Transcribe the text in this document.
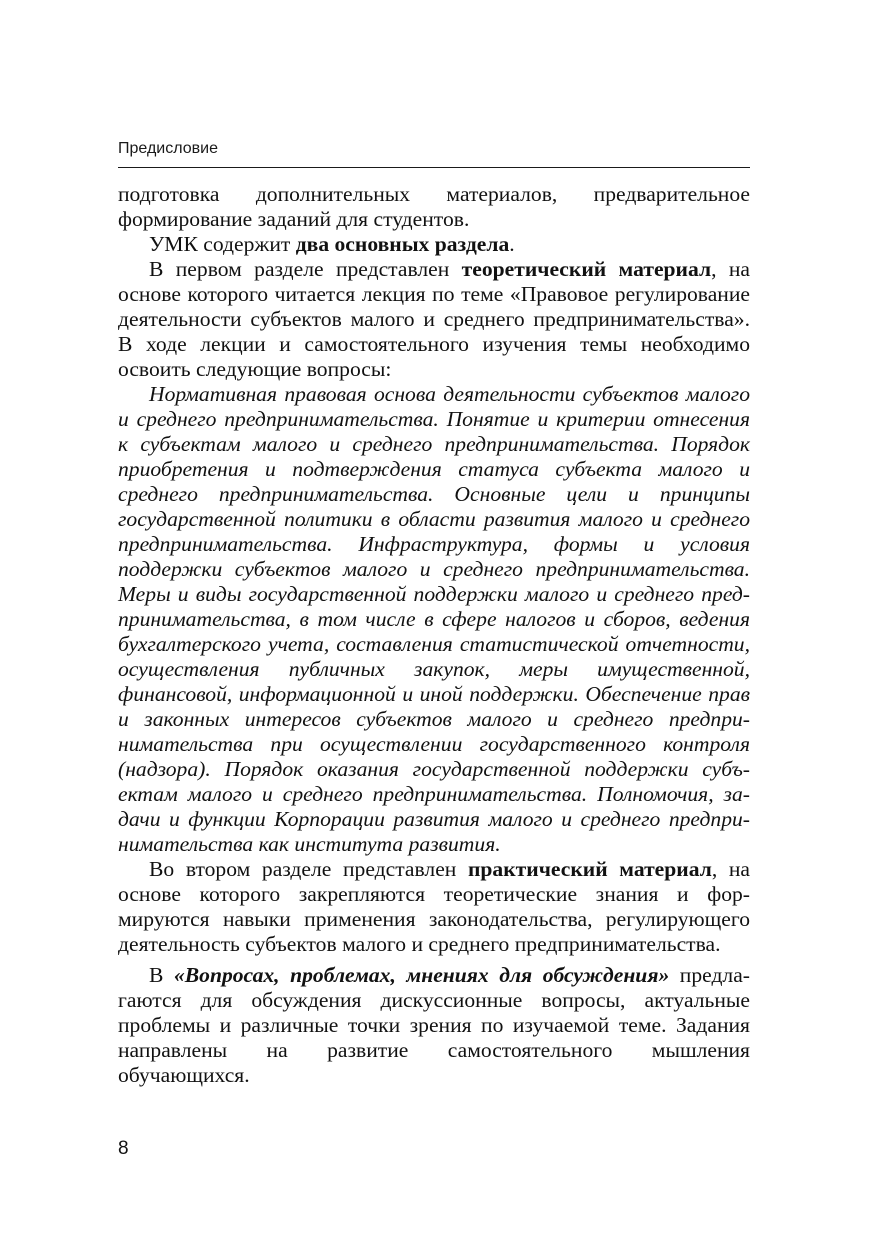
Предисловие

подготовка дополнительных материалов, предварительное формирование заданий для студентов.

УМК содержит два основных раздела.

В первом разделе представлен теоретический материал, на основе которого читается лекция по теме «Правовое регулирование деятельности субъектов малого и среднего предпринимательства». В ходе лекции и самостоятельного изучения темы необходимо освоить следующие вопросы:

Нормативная правовая основа деятельности субъектов малого и среднего предпринимательства. Понятие и критерии отнесения к субъектам малого и среднего предпринимательства. Порядок приобретения и подтверждения статуса субъекта малого и среднего предпринимательства. Основные цели и принципы государственной политики в области развития малого и среднего предпринимательства. Инфраструктура, формы и условия поддержки субъектов малого и среднего предпринимательства. Меры и виды государственной поддержки малого и среднего предпринимательства, в том числе в сфере налогов и сборов, ведения бухгалтерского учета, составления статистической отчетности, осуществления публичных закупок, меры имущественной, финансовой, информационной и иной поддержки. Обеспечение прав и законных интересов субъектов малого и среднего предпринимательства при осуществлении государственного контроля (надзора). Порядок оказания государственной поддержки субъектам малого и среднего предпринимательства. Полномочия, задачи и функции Корпорации развития малого и среднего предпринимательства как института развития.

Во втором разделе представлен практический материал, на основе которого закрепляются теоретические знания и формируются навыки применения законодательства, регулирующего деятельность субъектов малого и среднего предпринимательства.

В «Вопросах, проблемах, мнениях для обсуждения» предлагаются для обсуждения дискуссионные вопросы, актуальные проблемы и различные точки зрения по изучаемой теме. Задания направлены на развитие самостоятельного мышления обучающихся.

8
